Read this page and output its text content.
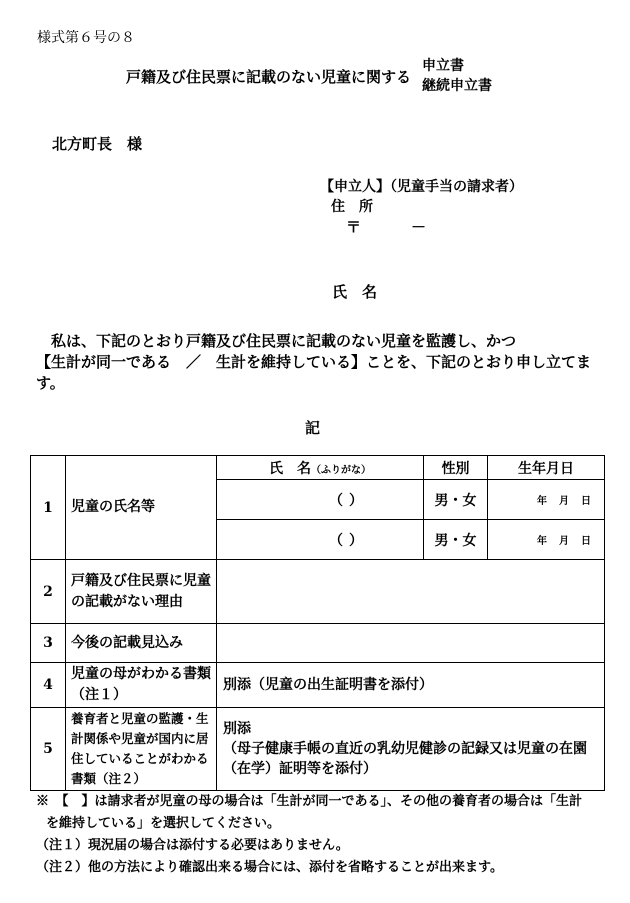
様式第６号の８
戸籍及び住民票に記載のない児童に関する
申立書
継続申立書
北方町長　様
【申立人】（児童手当の請求者）
住　所
〒	－
氏　名
私は、下記のとおり戸籍及び住民票に記載のない児童を監護し、かつ
【生計が同一である　／　生計を維持している】ことを、下記のとおり申し立てます。
記
1	児童の氏名等	氏　名（ふりがな）	性別	生年月日

		（ ）	男・女	年　月　日

		（ ）	男・女	年　月　日
2	戸籍及び住民票に児童の記載がない理由			
3	今後の記載見込み			
4	児童の母がわかる書類（注１）	別添（児童の出生証明書を添付）		
5	養育者と児童の監護・生計関係や児童が国内に居住していることがわかる書類（注２）	別添
（母子健康手帳の直近の乳幼児健診の記録又は児童の在園（在学）証明等を添付）		
※　【　】は請求者が児童の母の場合は「生計が同一である」、その他の養育者の場合は「生計
を維持している」を選択してください。
（注１）現況届の場合は添付する必要はありません。
（注２）他の方法により確認出来る場合には、添付を省略することが出来ます。
